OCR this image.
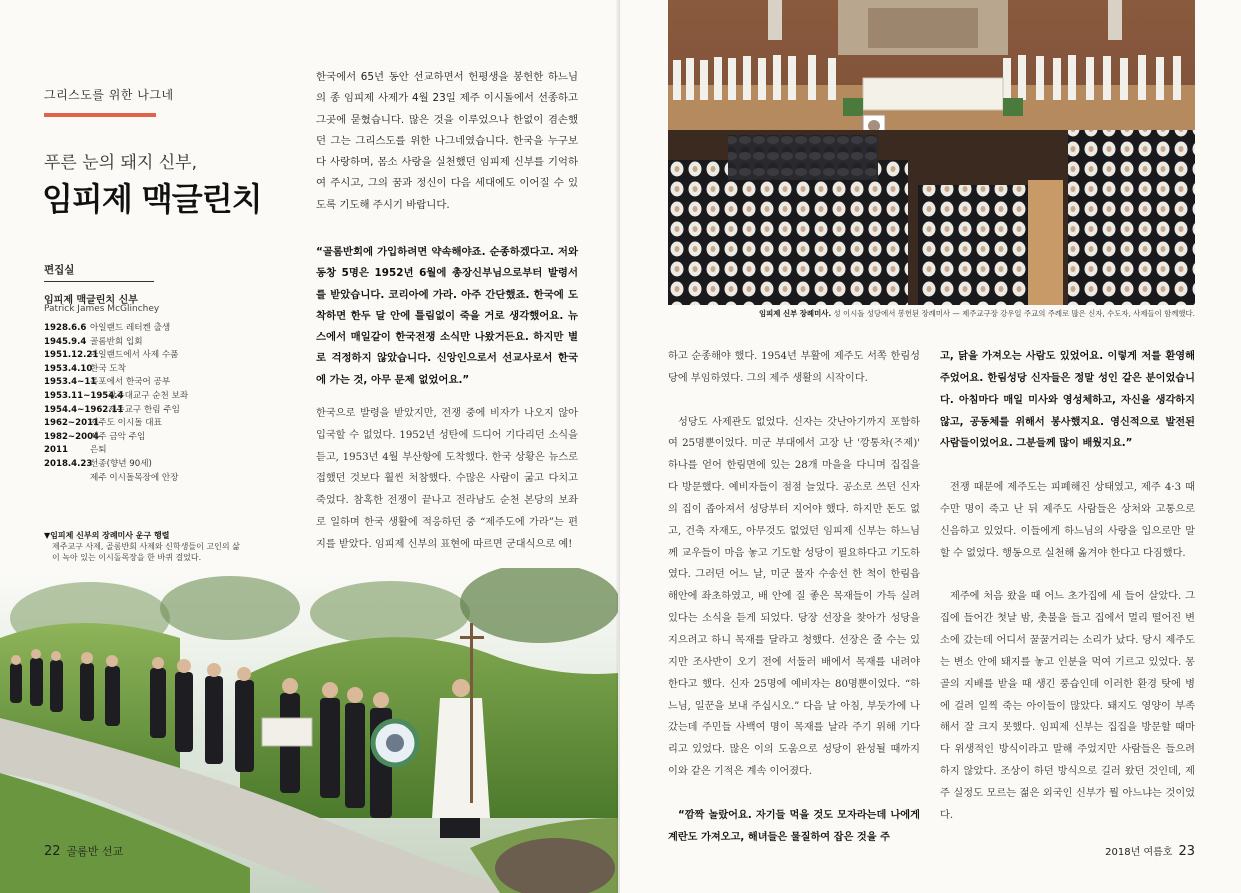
그리스도를 위한 나그네
푸른 눈의 돼지 신부,
임피제 맥글린치
편집실
임피제 맥글린치 신부
Patrick James McGlinchey
1928.6.6 아일랜드 레터켄 출생
1945.9.4 골롬반회 입회
1951.12.21
아일랜드에서 사제 수품
1953.4.10
한국 도착
1953.4~11
목포에서 한국어 공부
1953.11~1954.4
광주대교구 순천 보좌
1954.4~1962.11
제주교구 한림 주임
1962~2011
제주도 이시돌 대표
1982~2004
제주 금악 주임
2011	은퇴
2018.4.23
선종(향년 90세)
제주 이시돌목장에 안장
한국에서 65년 동안 선교하면서 헌평생을 봉헌한 하느님의 종 임피제 사제가 4월 23일 제주 이시돌에서 선종하고 그곳에 묻혔습니다. 많은 것을 이루었으나 한없이 겸손했던 그는 그리스도를 위한 나그네였습니다. 한국을 누구보다 사랑하며, 몸소 사랑을 실천했던 임피제 신부를 기억하여 주시고, 그의 꿈과 정신이 다음 세대에도 이어질 수 있도록 기도해 주시기 바랍니다.
“골롬반회에 가입하려면 약속해야죠. 순종하겠다고. 저와 동창 5명은 1952년 6월에 총장신부님으로부터 발령서를 받았습니다. 코리아에 가라. 아주 간단했죠. 한국에 도착하면 한두 달 안에 틀림없이 죽을 거로 생각했어요. 뉴스에서 매일같이 한국전쟁 소식만 나왔거든요. 하지만 별로 걱정하지 않았습니다. 신앙인으로서 선교사로서 한국에 가는 것, 아무 문제 없었어요.”
한국으로 발령을 받았지만, 전쟁 중에 비자가 나오지 않아 입국할 수 없었다. 1952년 성탄에 드디어 기다리던 소식을 듣고, 1953년 4월 부산항에 도착했다. 한국 상황은 뉴스로 접했던 것보다 훨씬 처참했다. 수많은 사람이 굶고 다치고 죽었다. 참혹한 전쟁이 끝나고 전라남도 순천 본당의 보좌로 일하며 한국 생활에 적응하던 중 “제주도에 가라”는 편지를 받았다. 임피제 신부의 표현에 따르면 군대식으로 예!
▼임피제 신부의 장례미사 운구 행렬
제주교구 사제, 골롬반회 사제와 신학생들이 고인의 삶이 녹아 있는 이시돌목장을 한 바퀴 걸었다.
22 골롬반 선교
임피제 신부 장례미사. 성 이시돌 성당에서 봉헌된 장례미사 — 제주교구장 강우일 주교의 주례로 많은 신자, 수도자, 사제들이 함께했다.

하고 순종해야 했다. 1954년 부활에 제주도 서쪽 한림성당에 부임하였다. 그의 제주 생활의 시작이다.

성당도 사제관도 없었다. 신자는 갓난아기까지 포함하여 25명뿐이었다. 미군 부대에서 고장 난 '깡통차(ᄌᆞ제)' 하나를 얻어 한림면에 있는 28개 마을을 다니며 집집을 다 방문했다. 예비자들이 점점 늘었다. 공소로 쓰던 신자의 집이 좁아져서 성당부터 지어야 했다. 하지만 돈도 없고, 건축 자재도, 아무것도 없었던 임피제 신부는 하느님께 교우들이 마음 놓고 기도할 성당이 필요하다고 기도하였다. 그러던 어느 날, 미군 물자 수송선 한 척이 한림읍 해안에 좌초하였고, 배 안에 질 좋은 목재들이 가득 실려있다는 소식을 듣게 되었다. 당장 선장을 찾아가 성당을 지으려고 하니 목재를 달라고 청했다. 선장은 줄 수는 있지만 조사반이 오기 전에 서둘러 배에서 목재를 내려야 한다고 했다. 신자 25명에 예비자는 80명뿐이었다. “하느님, 일꾼을 보내 주십시오.” 다음 날 아침, 부둣가에 나갔는데 주민들 사백여 명이 목재를 날라 주기 위해 기다리고 있었다. 많은 이의 도움으로 성당이 완성될 때까지 이와 같은 기적은 계속 이어졌다.

“깜짝 놀랐어요. 자기들 먹을 것도 모자라는데 나에게 계란도 가져오고, 해녀들은 물질하여 잡은 것을 주

고, 닭을 가져오는 사람도 있었어요. 이렇게 저를 환영해 주었어요. 한림성당 신자들은 정말 성인 같은 분이었습니다. 아침마다 매일 미사와 영성체하고, 자신을 생각하지 않고, 공동체를 위해서 봉사했지요. 영신적으로 발전된 사람들이었어요. 그분들께 많이 배웠지요.”

전쟁 때문에 제주도는 피폐해진 상태였고, 제주 4·3 때 수만 명이 죽고 난 뒤 제주도 사람들은 상처와 고통으로 신음하고 있었다. 이들에게 하느님의 사랑을 입으로만 말할 수 없었다. 행동으로 실천해 옮겨야 한다고 다짐했다.

제주에 처음 왔을 때 어느 초가집에 세 들어 살았다. 그 집에 들어간 첫날 밤, 촛불을 들고 집에서 멀리 떨어진 변소에 갔는데 어디서 꿀꿀거리는 소리가 났다. 당시 제주도는 변소 안에 돼지를 놓고 인분을 먹여 기르고 있었다. 몽골의 지배를 받을 때 생긴 풍습인데 이러한 환경 탓에 병에 걸려 일찍 죽는 아이들이 많았다. 돼지도 영양이 부족해서 잘 크지 못했다. 임피제 신부는 집집을 방문할 때마다 위생적인 방식이라고 말해 주었지만 사람들은 들으려 하지 않았다. 조상이 하던 방식으로 길러 왔던 것인데, 제주 실정도 모르는 젊은 외국인 신부가 뭘 아느냐는 것이었다.

2018년 여름호 23
